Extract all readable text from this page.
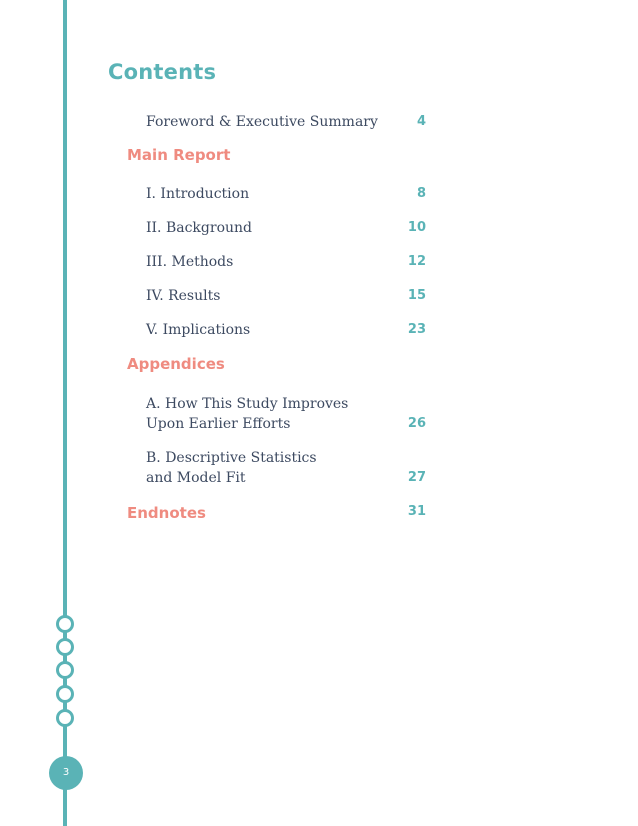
3
Contents
Foreword & Executive Summary	4
Main Report
I. Introduction	8
II. Background	10
III. Methods	12
IV. Results	15
V. Implications	23
Appendices
A. How This Study Improves
Upon Earlier Efforts	26
B. Descriptive Statistics
and Model Fit	27
Endnotes	31
